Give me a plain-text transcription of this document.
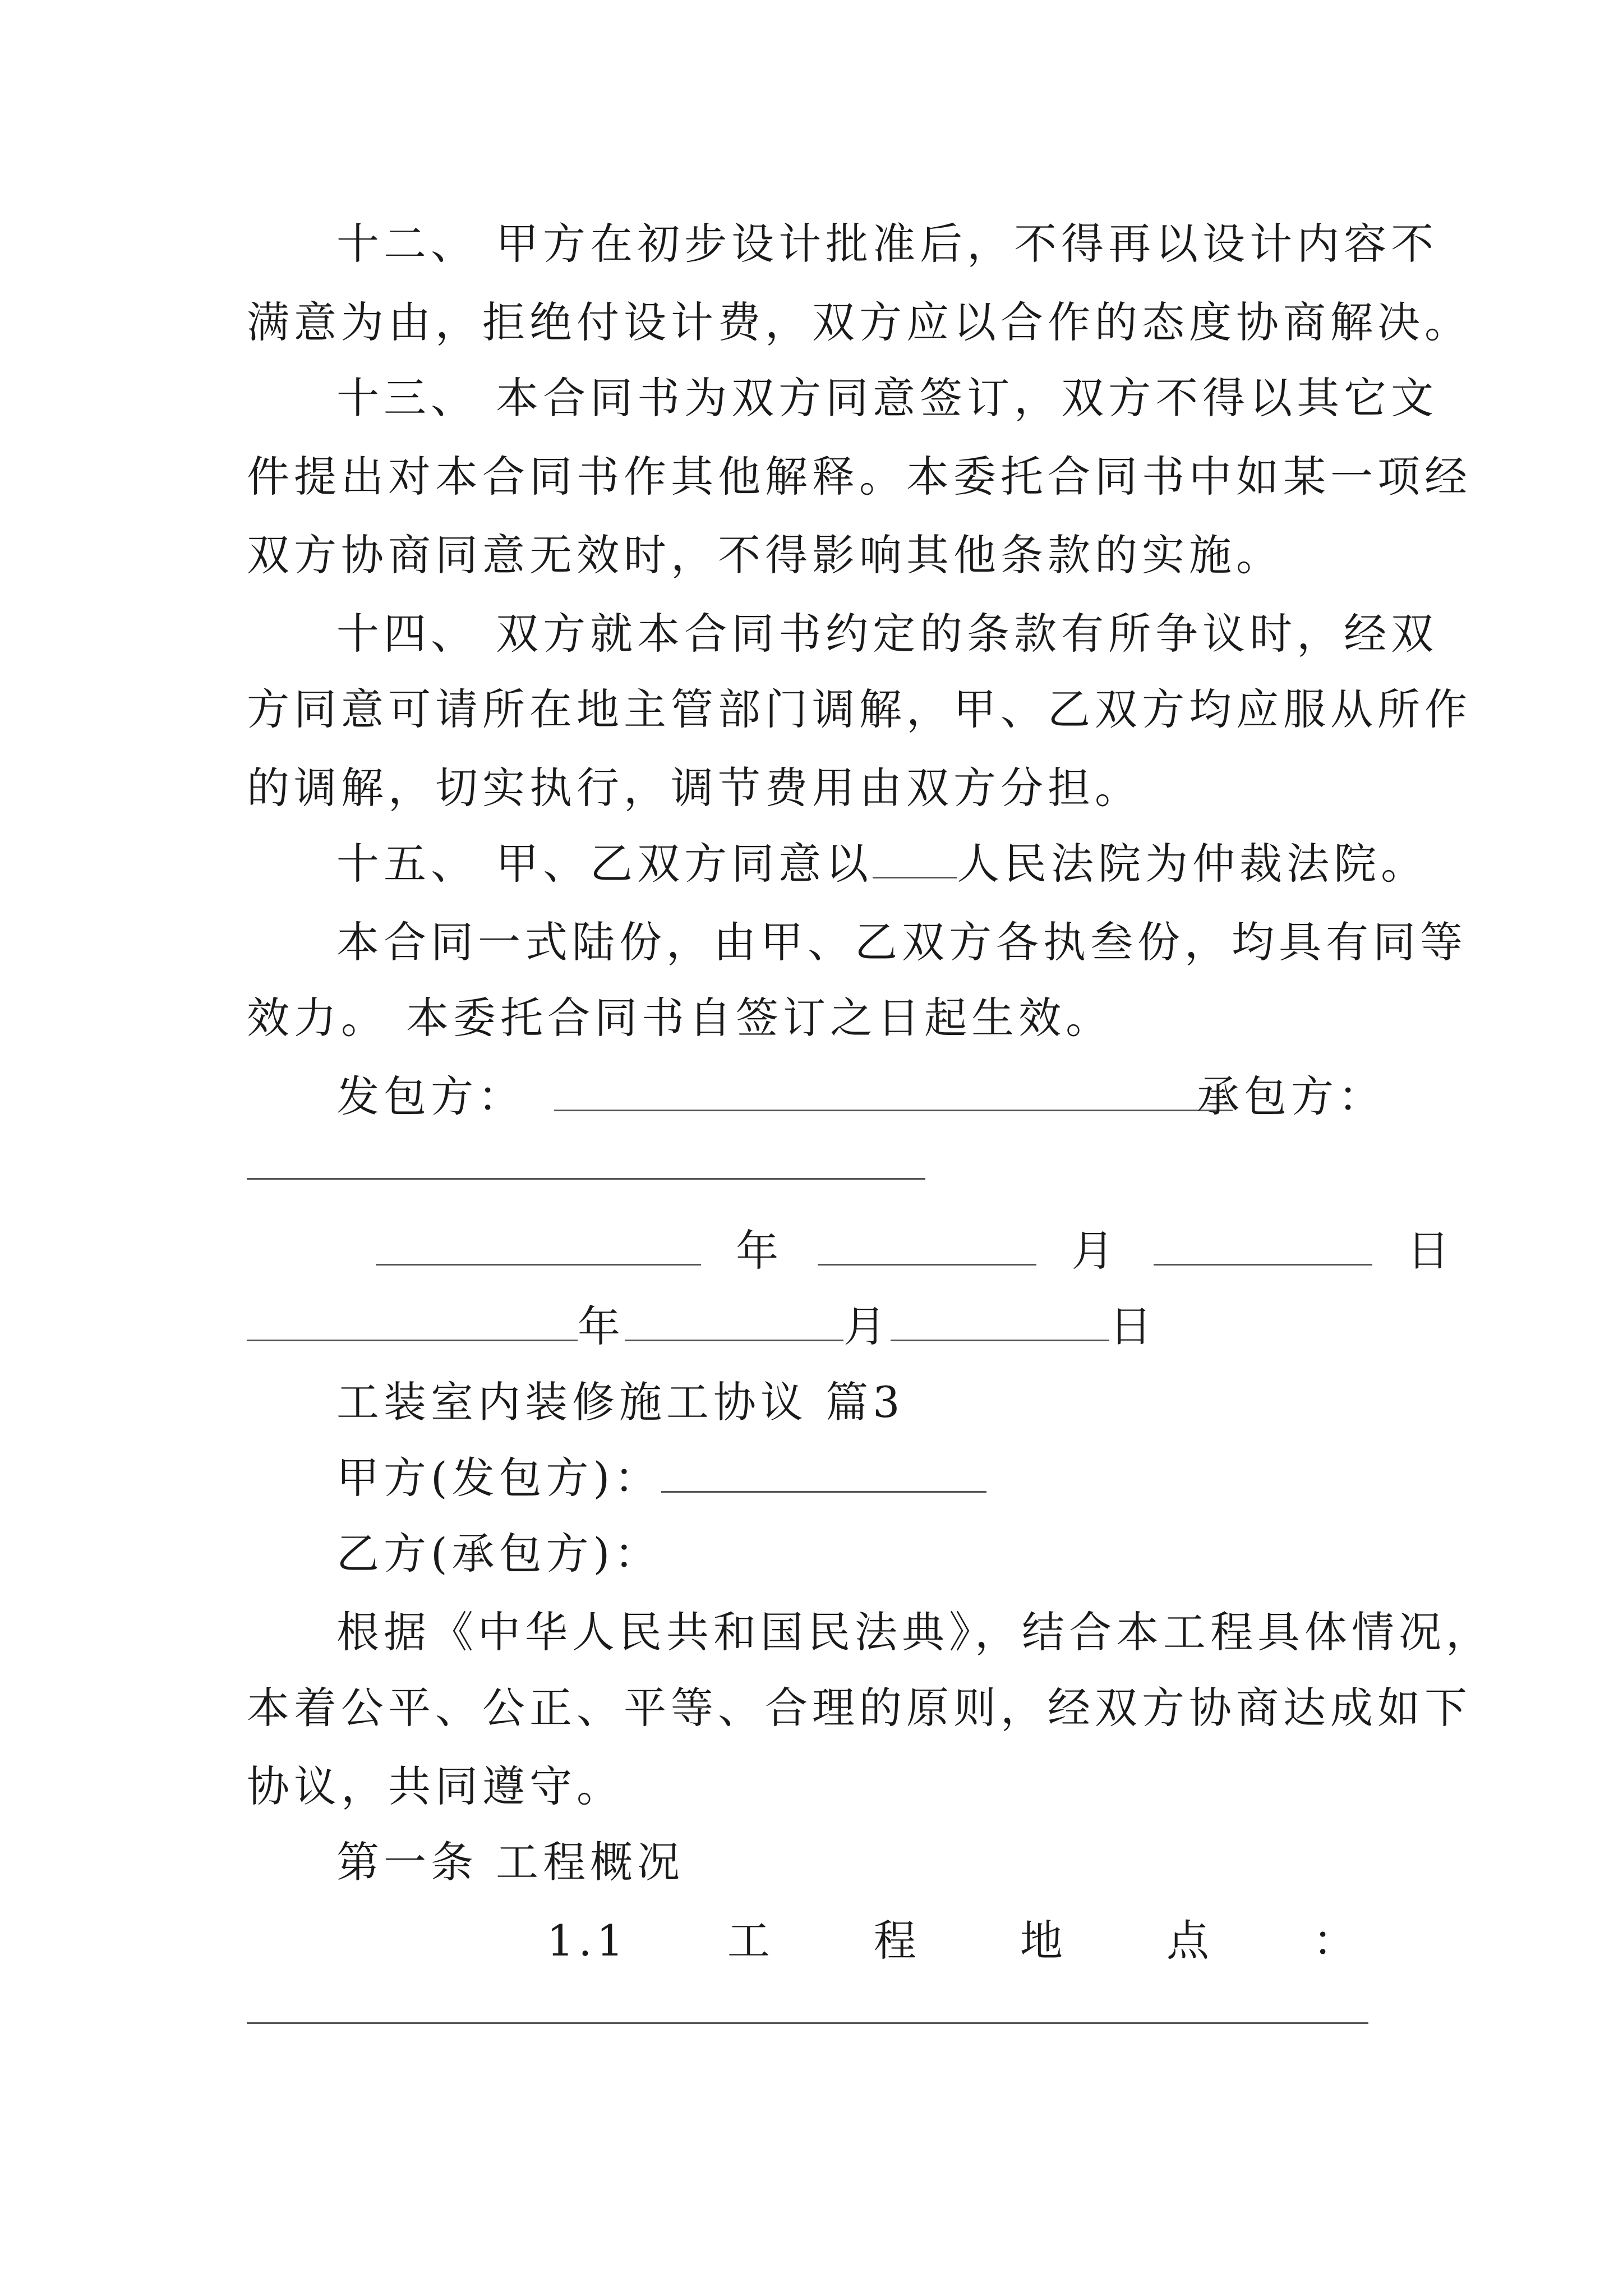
十二、 甲方在初步设计批准后，不得再以设计内容不
满意为由，拒绝付设计费，双方应以合作的态度协商解决。
十三、 本合同书为双方同意签订，双方不得以其它文
件提出对本合同书作其他解释。本委托合同书中如某一项经
双方协商同意无效时，不得影响其他条款的实施。
十四、 双方就本合同书约定的条款有所争议时，经双
方同意可请所在地主管部门调解，甲、乙双方均应服从所作
的调解，切实执行，调节费用由双方分担。
十五、 甲、乙双方同意以 人民法院为仲裁法院。
本合同一式陆份，由甲、乙双方各执叁份，均具有同等
效力。 本委托合同书自签订之日起生效。
发包方：	承包方：
年	月	日
年	月	日
工装室内装修施工协议 篇3
甲方(发包方)：
乙方(承包方)：
根据《中华人民共和国民法典》，结合本工程具体情况，
本着公平、公正、平等、合理的原则，经双方协商达成如下
协议，共同遵守。
第一条 工程概况
1.1 工 程 地 点 ：
